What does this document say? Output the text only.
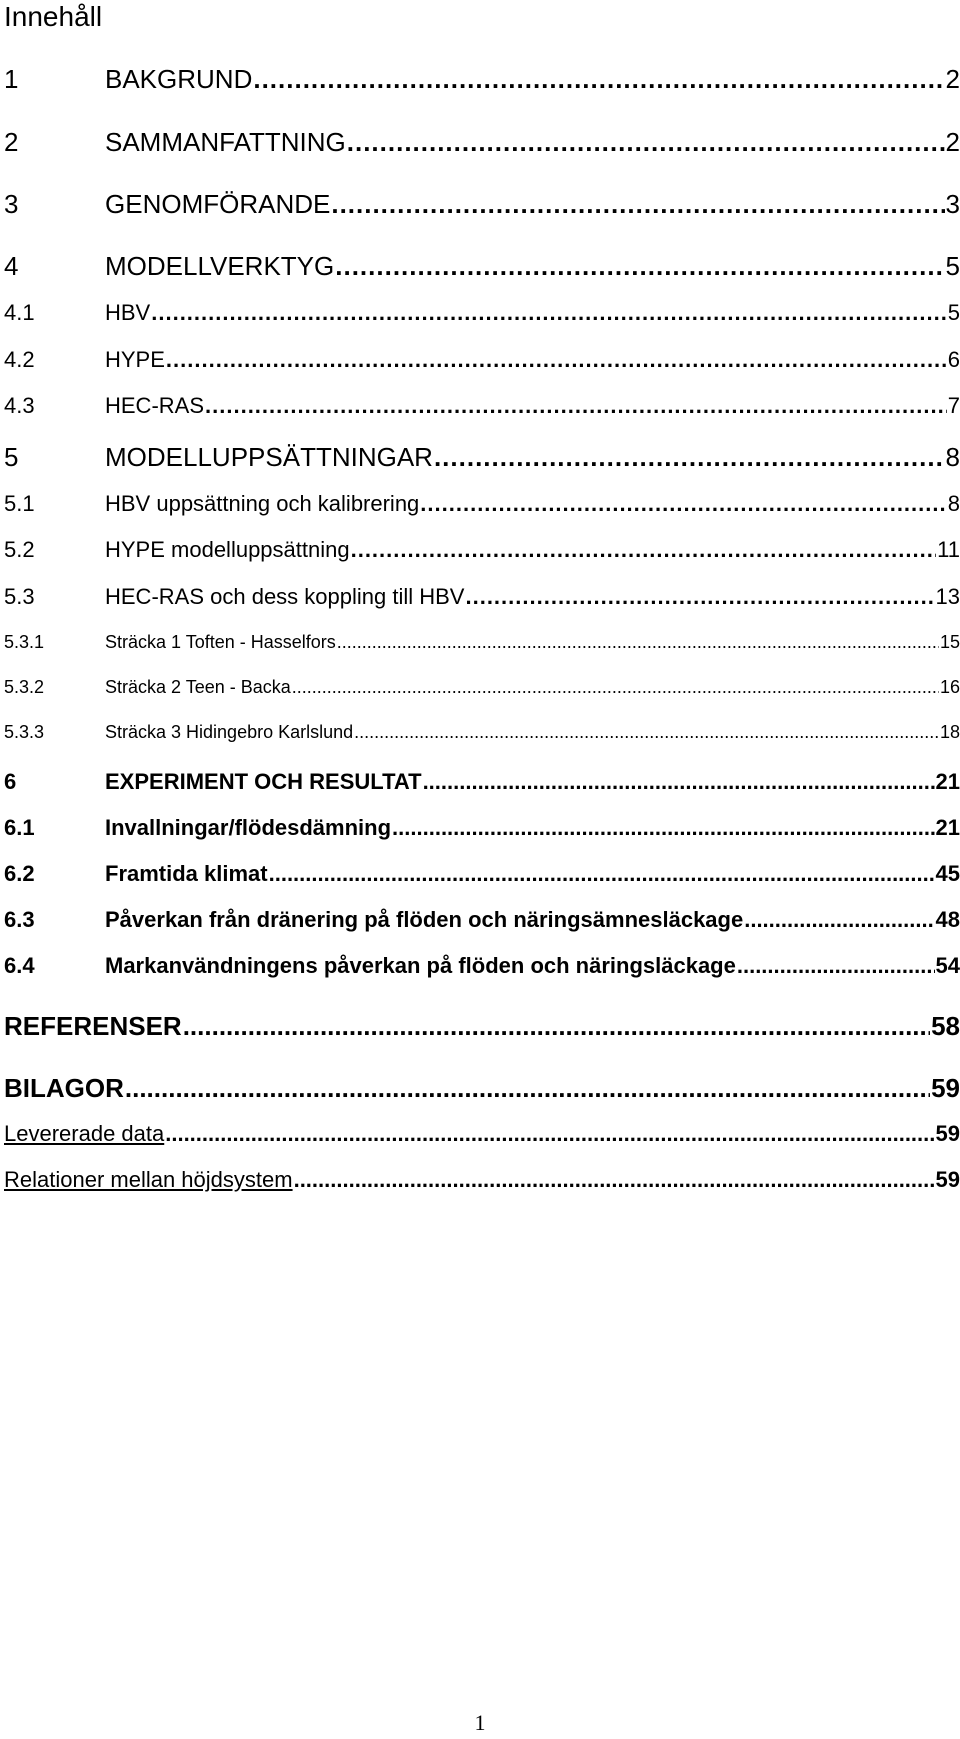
Innehåll
1	BAKGRUND .....	2
2	SAMMANFATTNING .....	2
3	GENOMFÖRANDE .....	3
4	MODELLVERKTYG .....	5
4.1	HBV .....	5
4.2	HYPE .....	6
4.3	HEC-RAS .....	7
5	MODELLUPPSÄTTNINGAR .....	8
5.1	HBV uppsättning och kalibrering .....	8
5.2	HYPE modelluppsättning .....	11
5.3	HEC-RAS och dess koppling till HBV .....	13
5.3.1	Sträcka 1 Toften - Hasselfors .....	15
5.3.2	Sträcka 2 Teen - Backa .....	16
5.3.3	Sträcka 3 Hidingebro Karlslund .....	18
6	EXPERIMENT OCH RESULTAT .....	21
6.1	Invallningar/flödesdämning .....	21
6.2	Framtida klimat .....	45
6.3	Påverkan från dränering på flöden och näringsämnesläckage .....	48
6.4	Markanvändningens påverkan på flöden och näringsläckage .....	54
REFERENSER .....	58
BILAGOR .....	59
Levererade data .....	59
Relationer mellan höjdsystem .....	59
1
